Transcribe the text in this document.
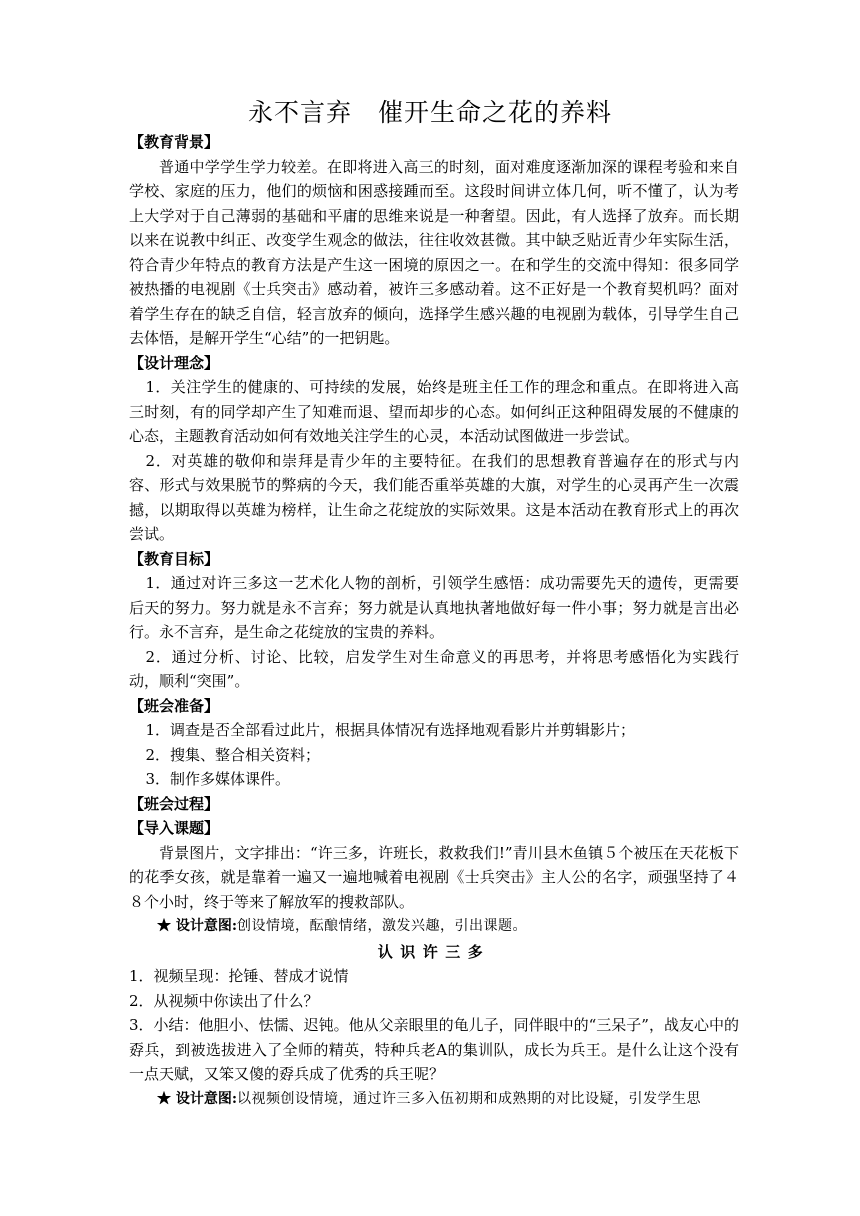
永不言弃　催开生命之花的养料

【教育背景】

普通中学学生学力较差。在即将进入高三的时刻，面对难度逐渐加深的课程考验和来自学校、家庭的压力，他们的烦恼和困惑接踵而至。这段时间讲立体几何，听不懂了，认为考上大学对于自己薄弱的基础和平庸的思维来说是一种奢望。因此，有人选择了放弃。而长期以来在说教中纠正、改变学生观念的做法，往往收效甚微。其中缺乏贴近青少年实际生活，符合青少年特点的教育方法是产生这一困境的原因之一。在和学生的交流中得知：很多同学被热播的电视剧《士兵突击》感动着，被许三多感动着。这不正好是一个教育契机吗？面对着学生存在的缺乏自信，轻言放弃的倾向，选择学生感兴趣的电视剧为载体，引导学生自己去体悟，是解开学生“心结”的一把钥匙。

【设计理念】

1．关注学生的健康的、可持续的发展，始终是班主任工作的理念和重点。在即将进入高三时刻，有的同学却产生了知难而退、望而却步的心态。如何纠正这种阻碍发展的不健康的心态，主题教育活动如何有效地关注学生的心灵，本活动试图做进一步尝试。

2．对英雄的敬仰和崇拜是青少年的主要特征。在我们的思想教育普遍存在的形式与内容、形式与效果脱节的弊病的今天，我们能否重举英雄的大旗，对学生的心灵再产生一次震撼，以期取得以英雄为榜样，让生命之花绽放的实际效果。这是本活动在教育形式上的再次尝试。

【教育目标】

1．通过对许三多这一艺术化人物的剖析，引领学生感悟：成功需要先天的遗传，更需要后天的努力。努力就是永不言弃；努力就是认真地执著地做好每一件小事；努力就是言出必行。永不言弃，是生命之花绽放的宝贵的养料。

2．通过分析、讨论、比较，启发学生对生命意义的再思考，并将思考感悟化为实践行动，顺利“突围”。

【班会准备】

1．调查是否全部看过此片，根据具体情况有选择地观看影片并剪辑影片；

2．搜集、整合相关资料；

3．制作多媒体课件。

【班会过程】

【导入课题】

背景图片，文字排出：“许三多，许班长，救救我们!”青川县木鱼镇５个被压在天花板下的花季女孩，就是靠着一遍又一遍地喊着电视剧《士兵突击》主人公的名字，顽强坚持了４８个小时，终于等来了解放军的搜救部队。

★ 设计意图:创设情境，酝酿情绪，激发兴趣，引出课题。

认识许三多

1．视频呈现：抡锤、替成才说情

2．从视频中你读出了什么？

3．小结：他胆小、怯懦、迟钝。他从父亲眼里的龟儿子，同伴眼中的“三呆子”，战友心中的孬兵，到被选拔进入了全师的精英，特种兵老A的集训队，成长为兵王。是什么让这个没有一点天赋，又笨又傻的孬兵成了优秀的兵王呢？

★ 设计意图:以视频创设情境，通过许三多入伍初期和成熟期的对比设疑，引发学生思
